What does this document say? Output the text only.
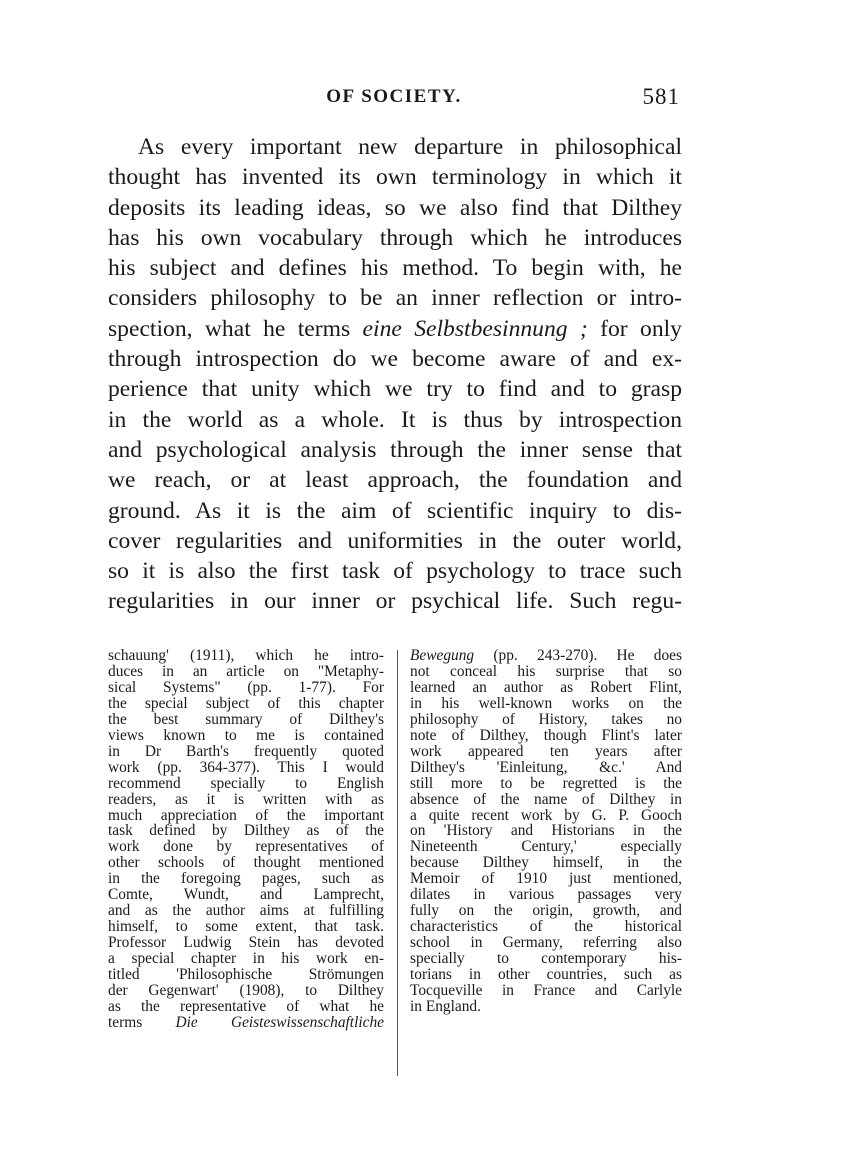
OF SOCIETY.	581
As every important new departure in philosophical
thought has invented its own terminology in which it
deposits its leading ideas, so we also find that Dilthey
has his own vocabulary through which he introduces
his subject and defines his method. To begin with, he
considers philosophy to be an inner reflection or intro-
spection, what he terms eine Selbstbesinnung ; for only
through introspection do we become aware of and ex-
perience that unity which we try to find and to grasp
in the world as a whole. It is thus by introspection
and psychological analysis through the inner sense that
we reach, or at least approach, the foundation and
ground. As it is the aim of scientific inquiry to dis-
cover regularities and uniformities in the outer world,
so it is also the first task of psychology to trace such
regularities in our inner or psychical life. Such regu-
schauung' (1911), which he intro-
duces in an article on "Metaphy-
sical Systems" (pp. 1-77). For
the special subject of this chapter
the best summary of Dilthey's
views known to me is contained
in Dr Barth's frequently quoted
work (pp. 364-377). This I would
recommend specially to English
readers, as it is written with as
much appreciation of the important
task defined by Dilthey as of the
work done by representatives of
other schools of thought mentioned
in the foregoing pages, such as
Comte, Wundt, and Lamprecht,
and as the author aims at fulfilling
himself, to some extent, that task.
Professor Ludwig Stein has devoted
a special chapter in his work en-
titled 'Philosophische Strömungen
der Gegenwart' (1908), to Dilthey
as the representative of what he
terms Die Geisteswissenschaftliche
Bewegung (pp. 243-270). He does
not conceal his surprise that so
learned an author as Robert Flint,
in his well-known works on the
philosophy of History, takes no
note of Dilthey, though Flint's later
work appeared ten years after
Dilthey's 'Einleitung, &c.' And
still more to be regretted is the
absence of the name of Dilthey in
a quite recent work by G. P. Gooch
on 'History and Historians in the
Nineteenth Century,' especially
because Dilthey himself, in the
Memoir of 1910 just mentioned,
dilates in various passages very
fully on the origin, growth, and
characteristics of the historical
school in Germany, referring also
specially to contemporary his-
torians in other countries, such as
Tocqueville in France and Carlyle
in England.
